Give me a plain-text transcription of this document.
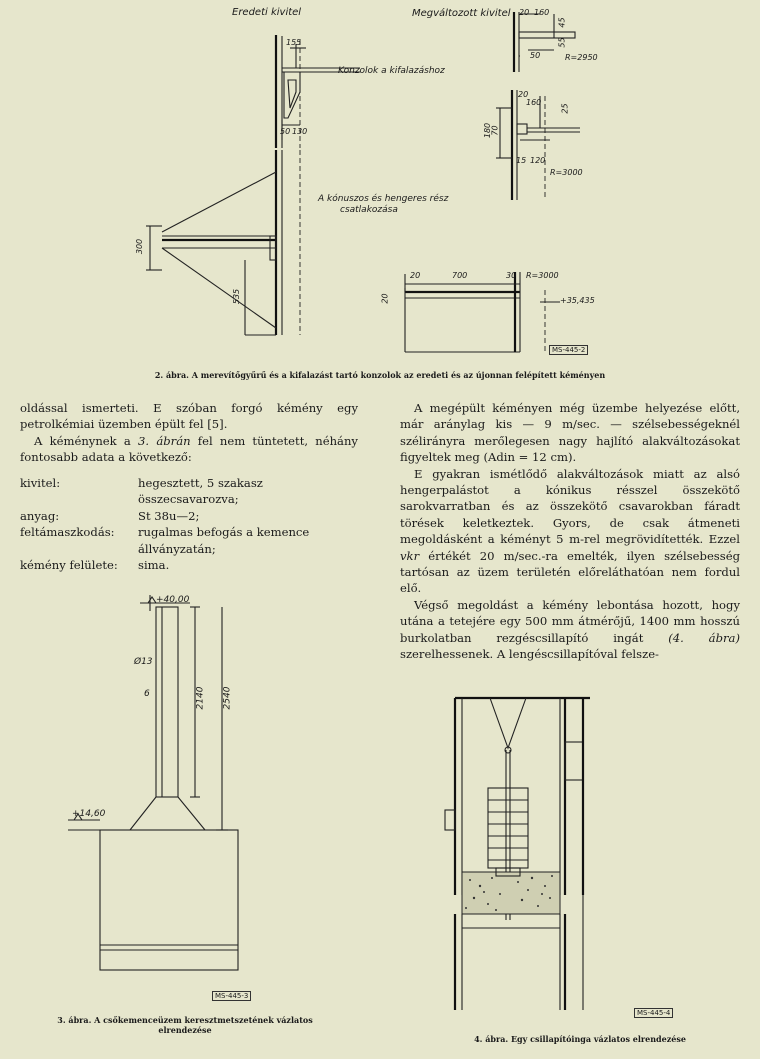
Eredeti kivitel	Megváltozott kivitel
Konzolok a kifalazáshoz
A kónuszos és hengeres rész
csatlakozása
155
50 130
300
535
20 160
45
55
50	R=2950
20
160
180
70
25
15 120
R=3000
20	700	30 R=3000
20	+35,435
MS-445-2
2. ábra. A merevítőgyűrű és a kifalazást tartó konzolok az eredeti és az újonnan felépített kéményen

oldással ismerteti. E szóban forgó kémény egy petrolkémiai üzemben épült fel [5].

A kéménynek a 3. ábrán fel nem tüntetett, néhány fontosabb adata a következő:

kivitel:	hegesztett, 5 szakasz összecsavarozva;
anyag:	St 38u—2;
feltámaszkodás:	rugalmas befogás a kemence állványzatán;
kémény felülete:	sima.

A megépült kéményen még üzembe helyezése előtt, már aránylag kis — 9 m/sec. — szélsebességeknél szélirányra merőlegesen nagy hajlító alakváltozásokat figyeltek meg (Adin = 12 cm).

E gyakran ismétlődő alakváltozások miatt az alsó hengerpalástot a kónikus résszel összekötő sarokvarratban és az összekötő csavarokban fáradt törések keletkeztek. Gyors, de csak átmeneti megoldásként a kéményt 5 m-rel megrövidítették. Ezzel vkr értékét 20 m/sec.-ra emelték, ilyen szélsebesség tartósan az üzem területén előreláthatóan nem fordul elő.

Végső megoldást a kémény lebontása hozott, hogy utána a tetejére egy 500 mm átmérőjű, 1400 mm hosszú burkolatban rezgéscsillapító ingát (4. ábra) szerelhessenek. A lengéscsillapítóval felsze-

+40,00
Ø13
6	2140 2540
+14,60
MS-445-3
3. ábra. A csőkemenceüzem keresztmetszetének vázlatos
elrendezése
MS-445-4
4. ábra. Egy csillapítóinga vázlatos elrendezése
